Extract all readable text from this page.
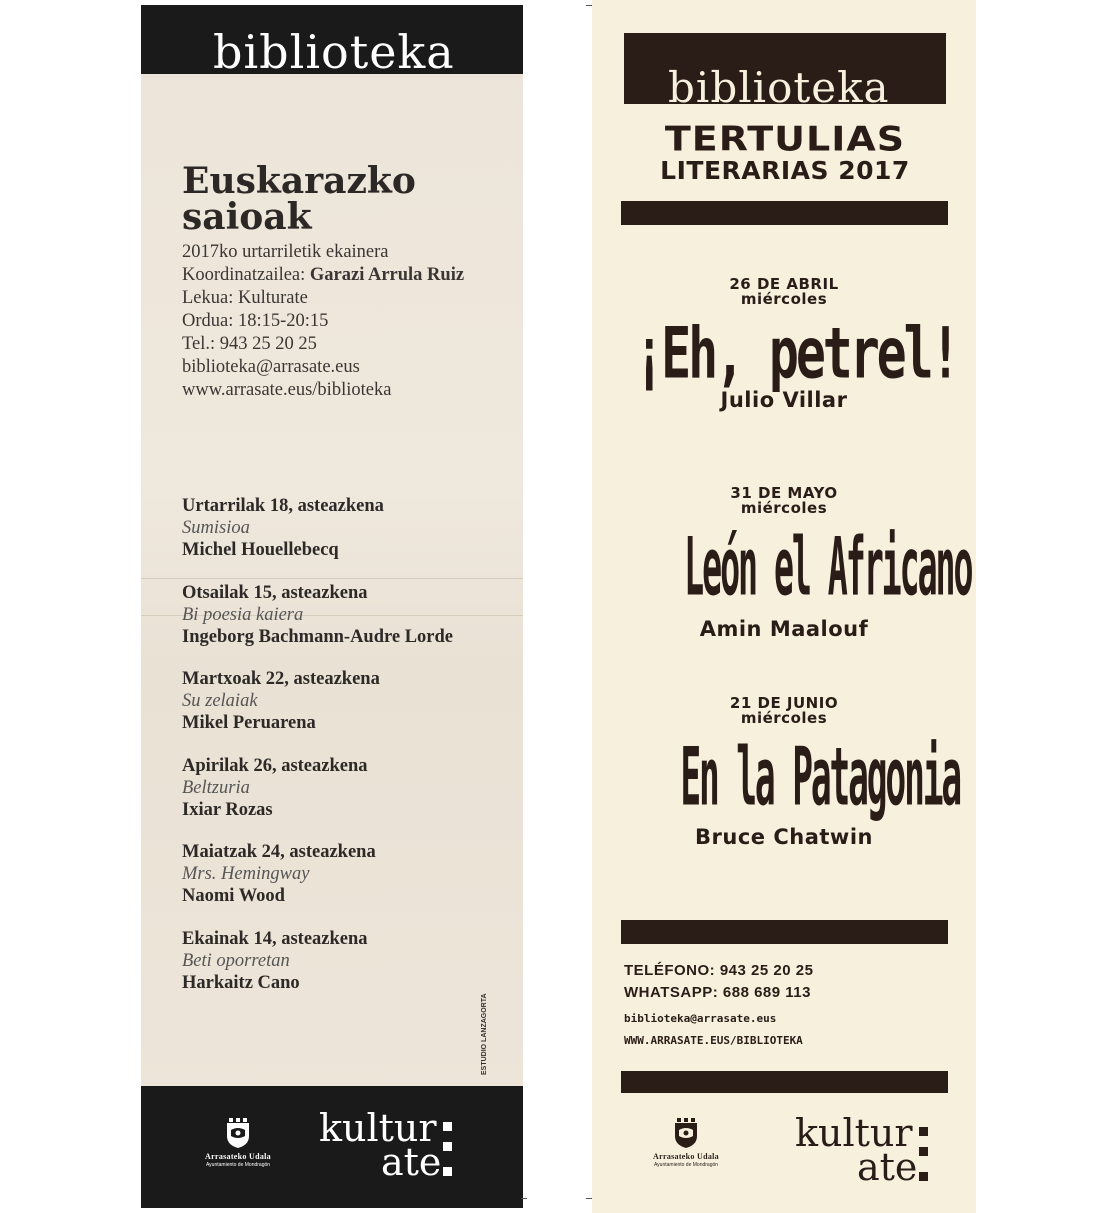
biblioteka
Euskarazko
saioak
2017ko urtarriletik ekainera
Koordinatzailea: Garazi Arrula Ruiz
Lekua: Kulturate
Ordua: 18:15-20:15
Tel.: 943 25 20 25
biblioteka@arrasate.eus
www.arrasate.eus/biblioteka
Urtarrilak 18, asteazkena
Sumisioa
Michel Houellebecq
Otsailak 15, asteazkena
Bi poesia kaiera
Ingeborg Bachmann-Audre Lorde
Martxoak 22, asteazkena
Su zelaiak
Mikel Peruarena
Apirilak 26, asteazkena
Beltzuria
Ixiar Rozas
Maiatzak 24, asteazkena
Mrs. Hemingway
Naomi Wood
Ekainak 14, asteazkena
Beti oporretan
Harkaitz Cano
ESTUDIO LANZAGORTA
Arrasateko Udala
Ayuntamiento de Mondragón
kultur
ate
biblioteka
TERTULIAS
LITERARIAS 2017
26 DE ABRIL
miércoles
¡Eh, petrel!
Julio Villar
31 DE MAYO
miércoles
León el Africano
Amin Maalouf
21 DE JUNIO
miércoles
En la Patagonia
Bruce Chatwin
TELÉFONO: 943 25 20 25
WHATSAPP: 688 689 113
biblioteka@arrasate.eus
WWW.ARRASATE.EUS/BIBLIOTEKA
Arrasateko Udala
Ayuntamiento de Mondragón
kultur
ate
